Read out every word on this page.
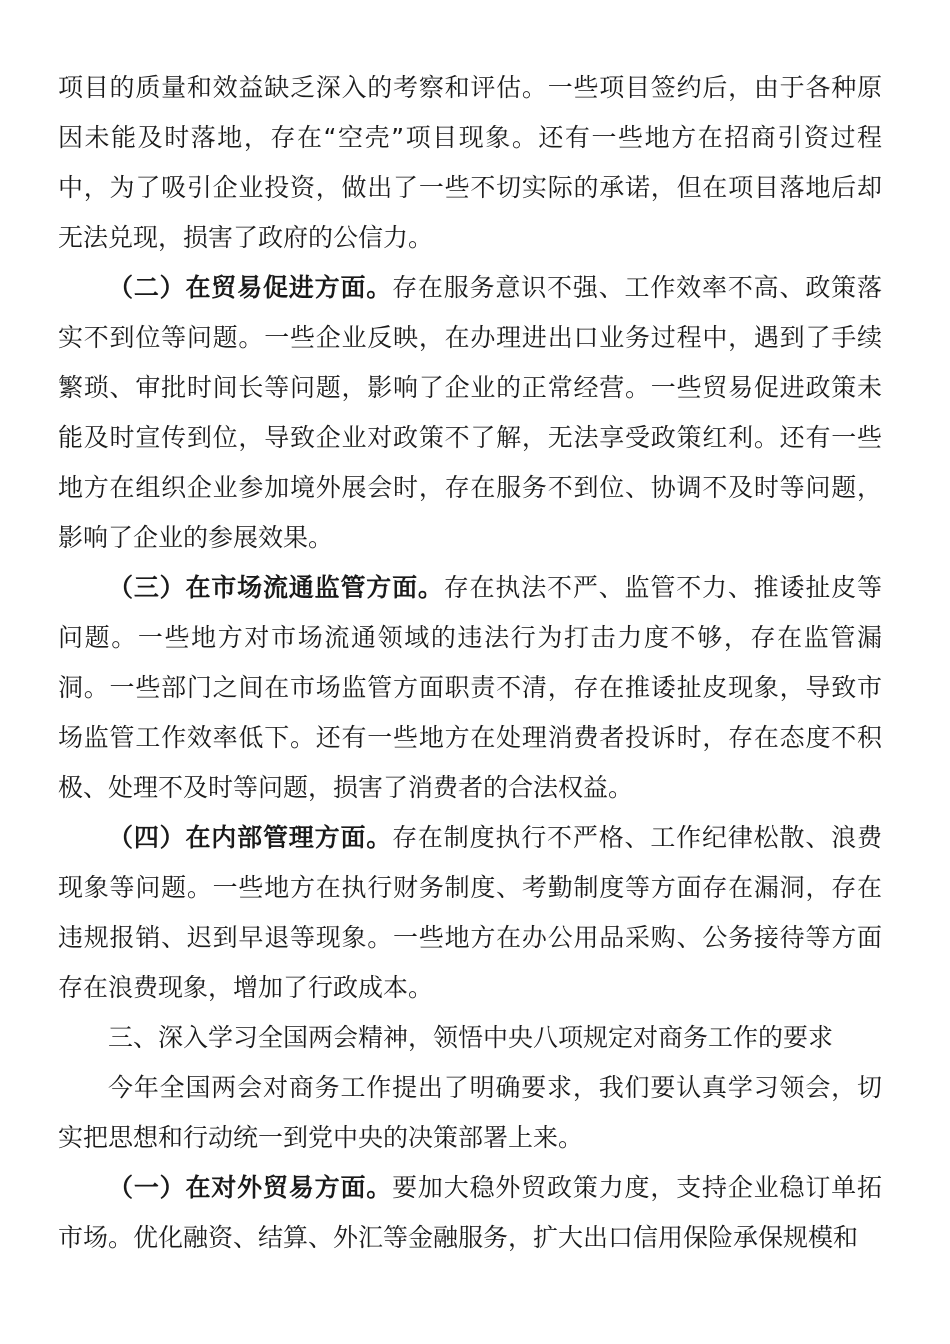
项目的质量和效益缺乏深入的考察和评估。一些项目签约后，由于各种原因未能及时落地，存在“空壳”项目现象。还有一些地方在招商引资过程中，为了吸引企业投资，做出了一些不切实际的承诺，但在项目落地后却无法兑现，损害了政府的公信力。

（二）在贸易促进方面。存在服务意识不强、工作效率不高、政策落实不到位等问题。一些企业反映，在办理进出口业务过程中，遇到了手续繁琐、审批时间长等问题，影响了企业的正常经营。一些贸易促进政策未能及时宣传到位，导致企业对政策不了解，无法享受政策红利。还有一些地方在组织企业参加境外展会时，存在服务不到位、协调不及时等问题，影响了企业的参展效果。

（三）在市场流通监管方面。存在执法不严、监管不力、推诿扯皮等问题。一些地方对市场流通领域的违法行为打击力度不够，存在监管漏洞。一些部门之间在市场监管方面职责不清，存在推诿扯皮现象，导致市场监管工作效率低下。还有一些地方在处理消费者投诉时，存在态度不积极、处理不及时等问题，损害了消费者的合法权益。

（四）在内部管理方面。存在制度执行不严格、工作纪律松散、浪费现象等问题。一些地方在执行财务制度、考勤制度等方面存在漏洞，存在违规报销、迟到早退等现象。一些地方在办公用品采购、公务接待等方面存在浪费现象，增加了行政成本。

三、深入学习全国两会精神，领悟中央八项规定对商务工作的要求

今年全国两会对商务工作提出了明确要求，我们要认真学习领会，切实把思想和行动统一到党中央的决策部署上来。

（一）在对外贸易方面。要加大稳外贸政策力度，支持企业稳订单拓市场。优化融资、结算、外汇等金融服务，扩大出口信用保险承保规模和
